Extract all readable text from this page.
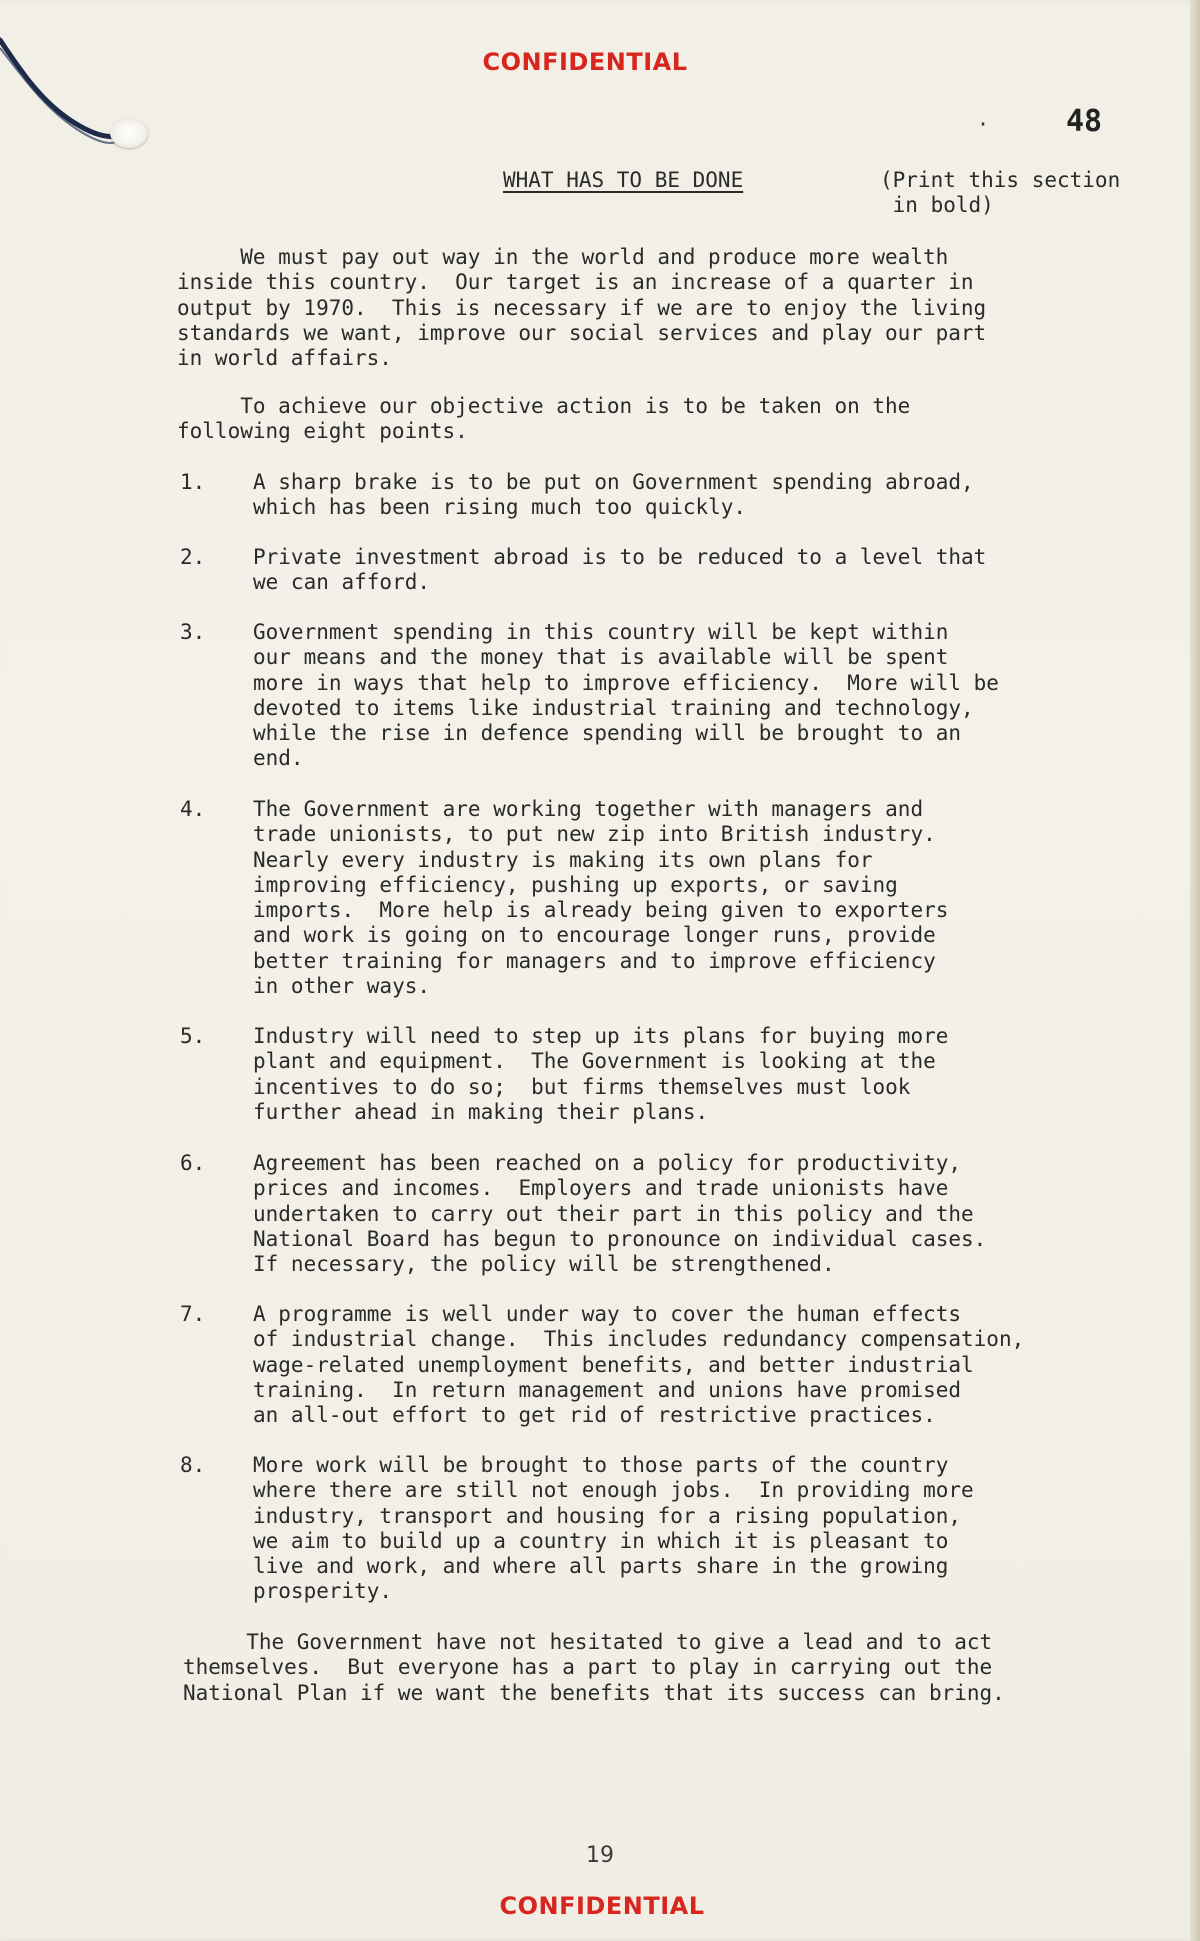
CONFIDENTIAL
·	48
WHAT HAS TO BE DONE	(Print this section
in bold)
We must pay out way in the world and produce more wealth
inside this country.  Our target is an increase of a quarter in
output by 1970.  This is necessary if we are to enjoy the living
standards we want, improve our social services and play our part
in world affairs.
To achieve our objective action is to be taken on the
following eight points.
1. A sharp brake is to be put on Government spending abroad,
which has been rising much too quickly.
2. Private investment abroad is to be reduced to a level that
we can afford.
3. Government spending in this country will be kept within
our means and the money that is available will be spent
more in ways that help to improve efficiency.  More will be
devoted to items like industrial training and technology,
while the rise in defence spending will be brought to an
end.
4. The Government are working together with managers and
trade unionists, to put new zip into British industry.
Nearly every industry is making its own plans for
improving efficiency, pushing up exports, or saving
imports.  More help is already being given to exporters
and work is going on to encourage longer runs, provide
better training for managers and to improve efficiency
in other ways.
5. Industry will need to step up its plans for buying more
plant and equipment.  The Government is looking at the
incentives to do so;  but firms themselves must look
further ahead in making their plans.
6. Agreement has been reached on a policy for productivity,
prices and incomes.  Employers and trade unionists have
undertaken to carry out their part in this policy and the
National Board has begun to pronounce on individual cases.
If necessary, the policy will be strengthened.
7. A programme is well under way to cover the human effects
of industrial change.  This includes redundancy compensation,
wage-related unemployment benefits, and better industrial
training.  In return management and unions have promised
an all-out effort to get rid of restrictive practices.
8. More work will be brought to those parts of the country
where there are still not enough jobs.  In providing more
industry, transport and housing for a rising population,
we aim to build up a country in which it is pleasant to
live and work, and where all parts share in the growing
prosperity.
The Government have not hesitated to give a lead and to act
themselves.  But everyone has a part to play in carrying out the
National Plan if we want the benefits that its success can bring.
19
CONFIDENTIAL
